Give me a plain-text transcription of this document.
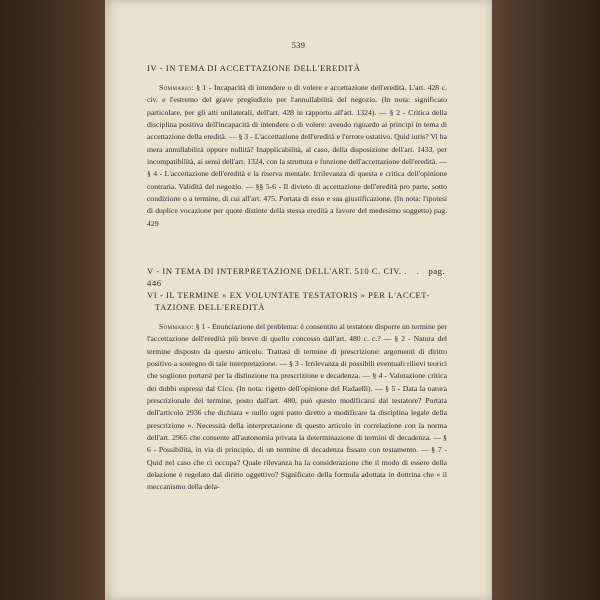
539
IV - IN TEMA DI ACCETTAZIONE DELL'EREDITÀ
Sommario: § 1 - Incapacità di intendere o di volere e accettazione dell'eredità. L'art. 428 c. civ. e l'estremo del grave pregiudizio per l'annullabilità del negozio. (In nota: significato particolare, per gli atti unilaterali, dell'art. 428 in rapporto all'art. 1324). — § 2 - Critica della disciplina positiva dell'incapacità di intendere o di volere: avendo riguardo ai principi in tema di accettazione della eredità. — § 3 - L'accettazione dell'eredità e l'errore ostativo. Quid iuris? Vi ha mera annullabilità oppure nullità? Inapplicabilità, al caso, della disposizione dell'art. 1433, per incompatibilità, ai sensi dell'art. 1324, con la struttura e funzione dell'accettazione dell'eredità. — § 4 - L'accettazione dell'eredità e la riserva mentale. Irrilevanza di questa e critica dell'opinione contraria. Validità del negozio. — §§ 5-6 - Il divieto di accettazione dell'eredità pro parte, sotto condizione o a termine, di cui all'art. 475. Portata di esso e sua giustificazione. (In nota: l'ipotesi di duplice vocazione per quote distinte della stessa eredità a favore del medesimo soggetto) pag. 429
V - IN TEMA DI INTERPRETAZIONE DELL'ART. 510 C. CIV. . . pag. 446
VI - IL TERMINE « EX VOLUNTATE TESTATORIS » PER L'ACCET-
TAZIONE DELL'EREDITÀ
Sommario: § 1 - Enunciazione del problema: è consentito al testatore disporre un termine per l'accettazione dell'eredità più breve di quello concesso dall'art. 480 c. c.? — § 2 - Natura del termine disposto da questo articolo. Trattasi di termine di prescrizione: argomenti di diritto positivo a sostegno di tale interpretazione. — § 3 - Irrilevanza di possibili eventuali rilievi teorici che sogliono portarsi per la distinzione tra prescrizione e decadenza. — § 4 - Valutazione critica dei dubbi espressi dal Cicu. (In nota: rigetto dell'opinione del Radaelli). — § 5 - Data la natura prescrizionale del termine, posto dall'art. 480, può questo modificarsi dal testatore? Portata dell'articolo 2936 che dichiara « nullo ogni patto diretto a modificare la disciplina legale della prescrizione ». Necessità della interpretazione di questo articolo in correlazione con la norma dell'art. 2965 che consente all'autonomia privata la determinazione di termini di decadenza. — § 6 - Possibilità, in via di principio, di un termine di decadenza fissato con testamento. — § 7 - Quid nel caso che ci occupa? Quale rilevanza ha la considerazione che il modo di essere della delazione è regolato dal diritto oggettivo? Significato della formula adottata in dottrina che « il meccanismo della dela-
